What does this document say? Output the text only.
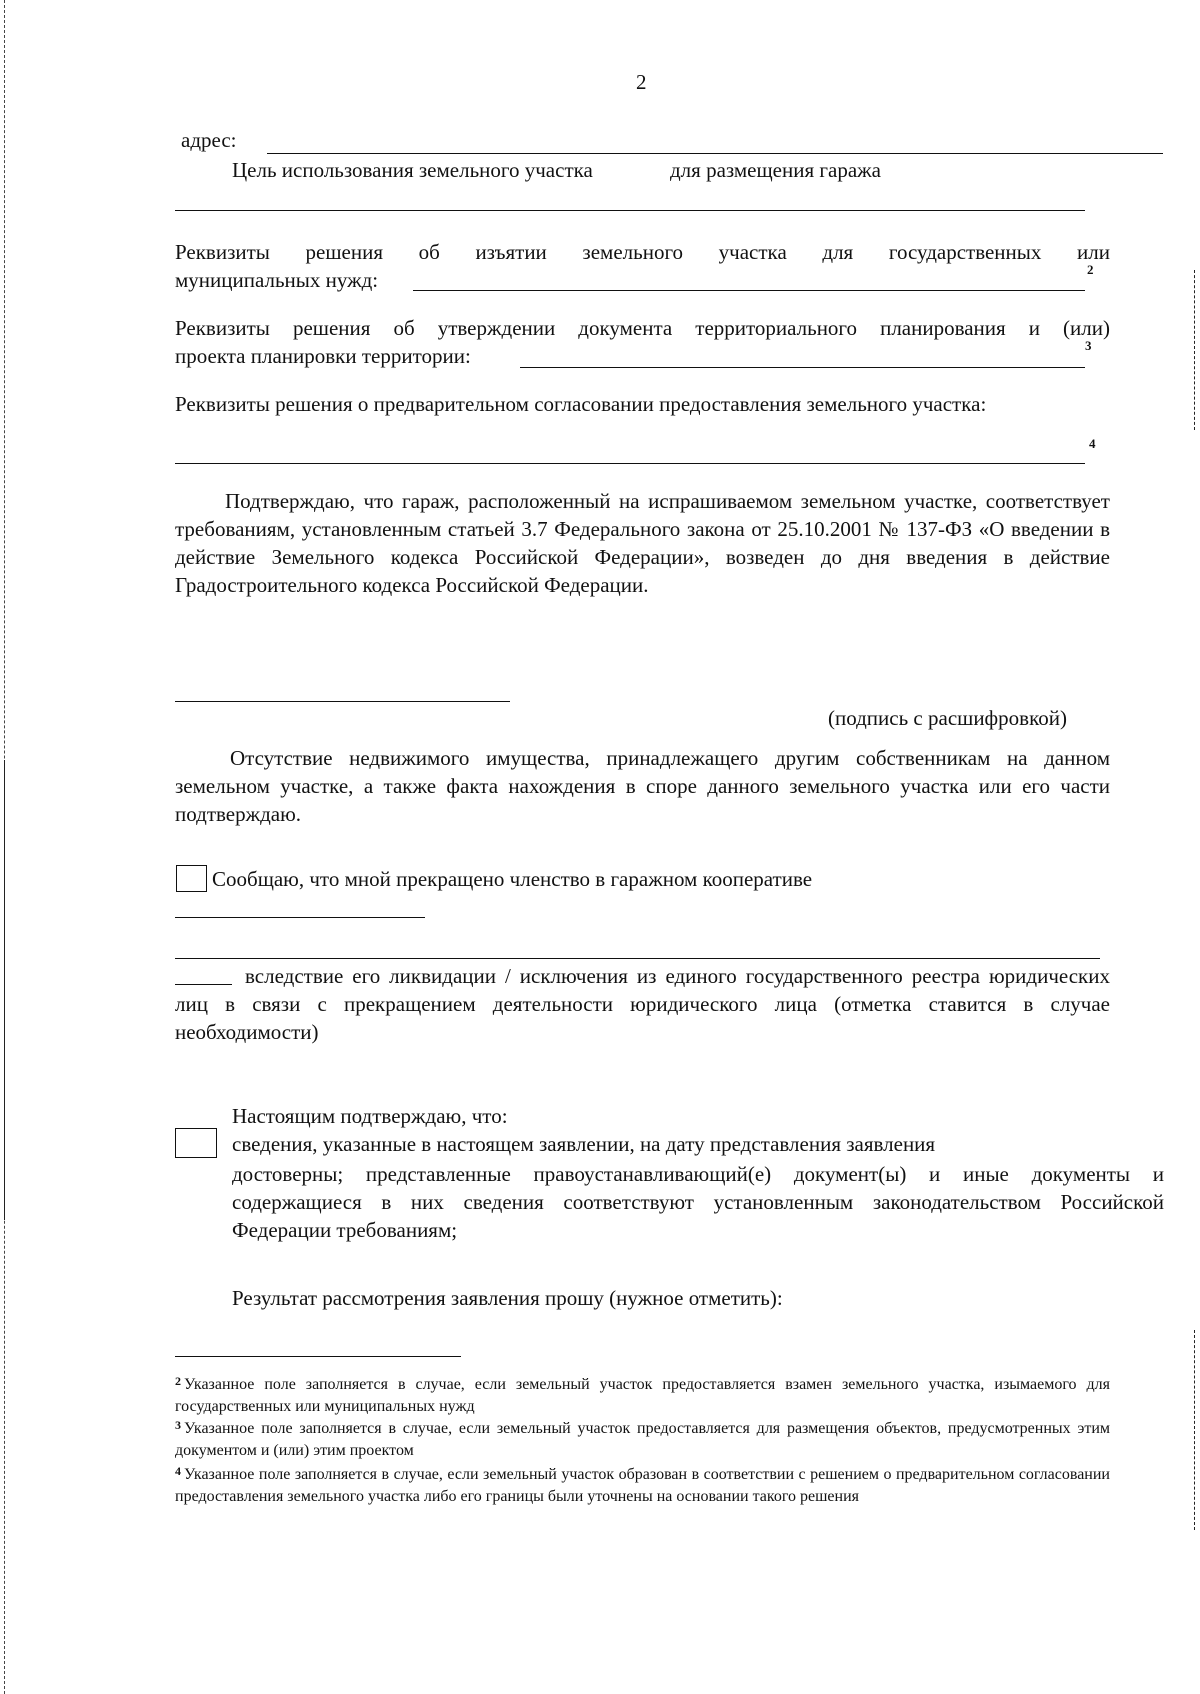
2
адрес:
Цель использования земельного участка	для размещения гаража
Реквизиты решения об изъятии земельного участка для государственных или
муниципальных нужд:	2
Реквизиты решения об утверждении документа территориального планирования и (или)
проекта планировки территории:	3
Реквизиты решения о предварительном согласовании предоставления земельного участка:
4
Подтверждаю, что гараж, расположенный на испрашиваемом земельном участке, соответствует требованиям, установленным статьей 3.7 Федерального закона от 25.10.2001 № 137-ФЗ «О введении в действие Земельного кодекса Российской Федерации», возведен до дня введения в действие Градостроительного кодекса Российской Федерации.
(подпись с расшифровкой)
Отсутствие недвижимого имущества, принадлежащего другим собственникам на данном земельном участке, а также факта нахождения в споре данного земельного участка или его части подтверждаю.
Сообщаю, что мной прекращено членство в гаражном кооперативе
вследствие его ликвидации / исключения из единого государственного реестра юридических лиц в связи с прекращением деятельности юридического лица (отметка ставится в случае необходимости)
Настоящим подтверждаю, что:
сведения, указанные в настоящем заявлении, на дату представления заявления
достоверны; представленные правоустанавливающий(е) документ(ы) и иные документы и содержащиеся в них сведения соответствуют установленным законодательством Российской Федерации требованиям;
Результат рассмотрения заявления прошу (нужное отметить):
$^2$ Указанное поле заполняется в случае, если земельный участок предоставляется взамен земельного участка, изымаемого для государственных или муниципальных нужд
$^3$ Указанное поле заполняется в случае, если земельный участок предоставляется для размещения объектов, предусмотренных этим документом и (или) этим проектом
$^4$ Указанное поле заполняется в случае, если земельный участок образован в соответствии с решением о предварительном согласовании предоставления земельного участка либо его границы были уточнены на основании такого решения
